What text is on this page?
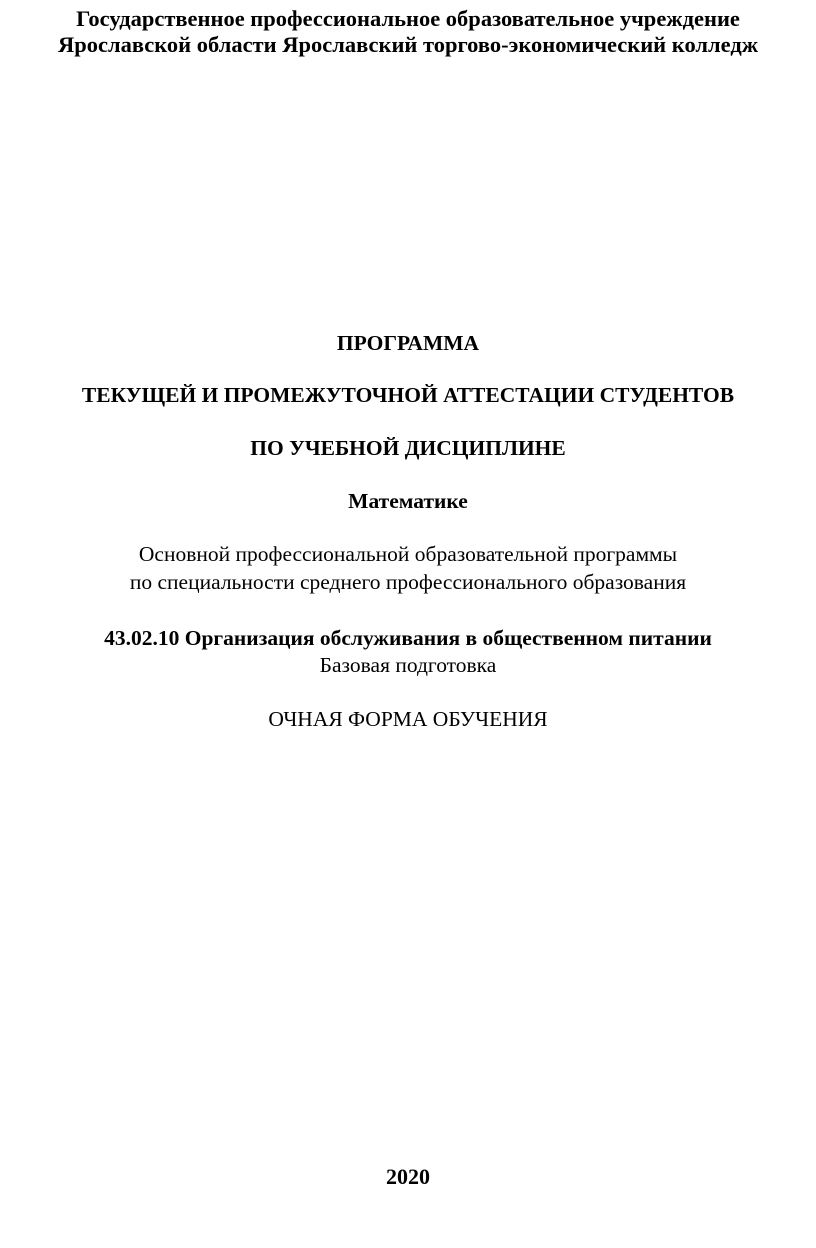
Государственное профессиональное образовательное учреждение
Ярославской области Ярославский торгово-экономический колледж
ПРОГРАММА
ТЕКУЩЕЙ И ПРОМЕЖУТОЧНОЙ АТТЕСТАЦИИ СТУДЕНТОВ
ПО УЧЕБНОЙ ДИСЦИПЛИНЕ
Математике
Основной профессиональной образовательной программы
по специальности среднего профессионального образования
43.02.10 Организация обслуживания в общественном питании
Базовая подготовка
ОЧНАЯ ФОРМА ОБУЧЕНИЯ
2020
